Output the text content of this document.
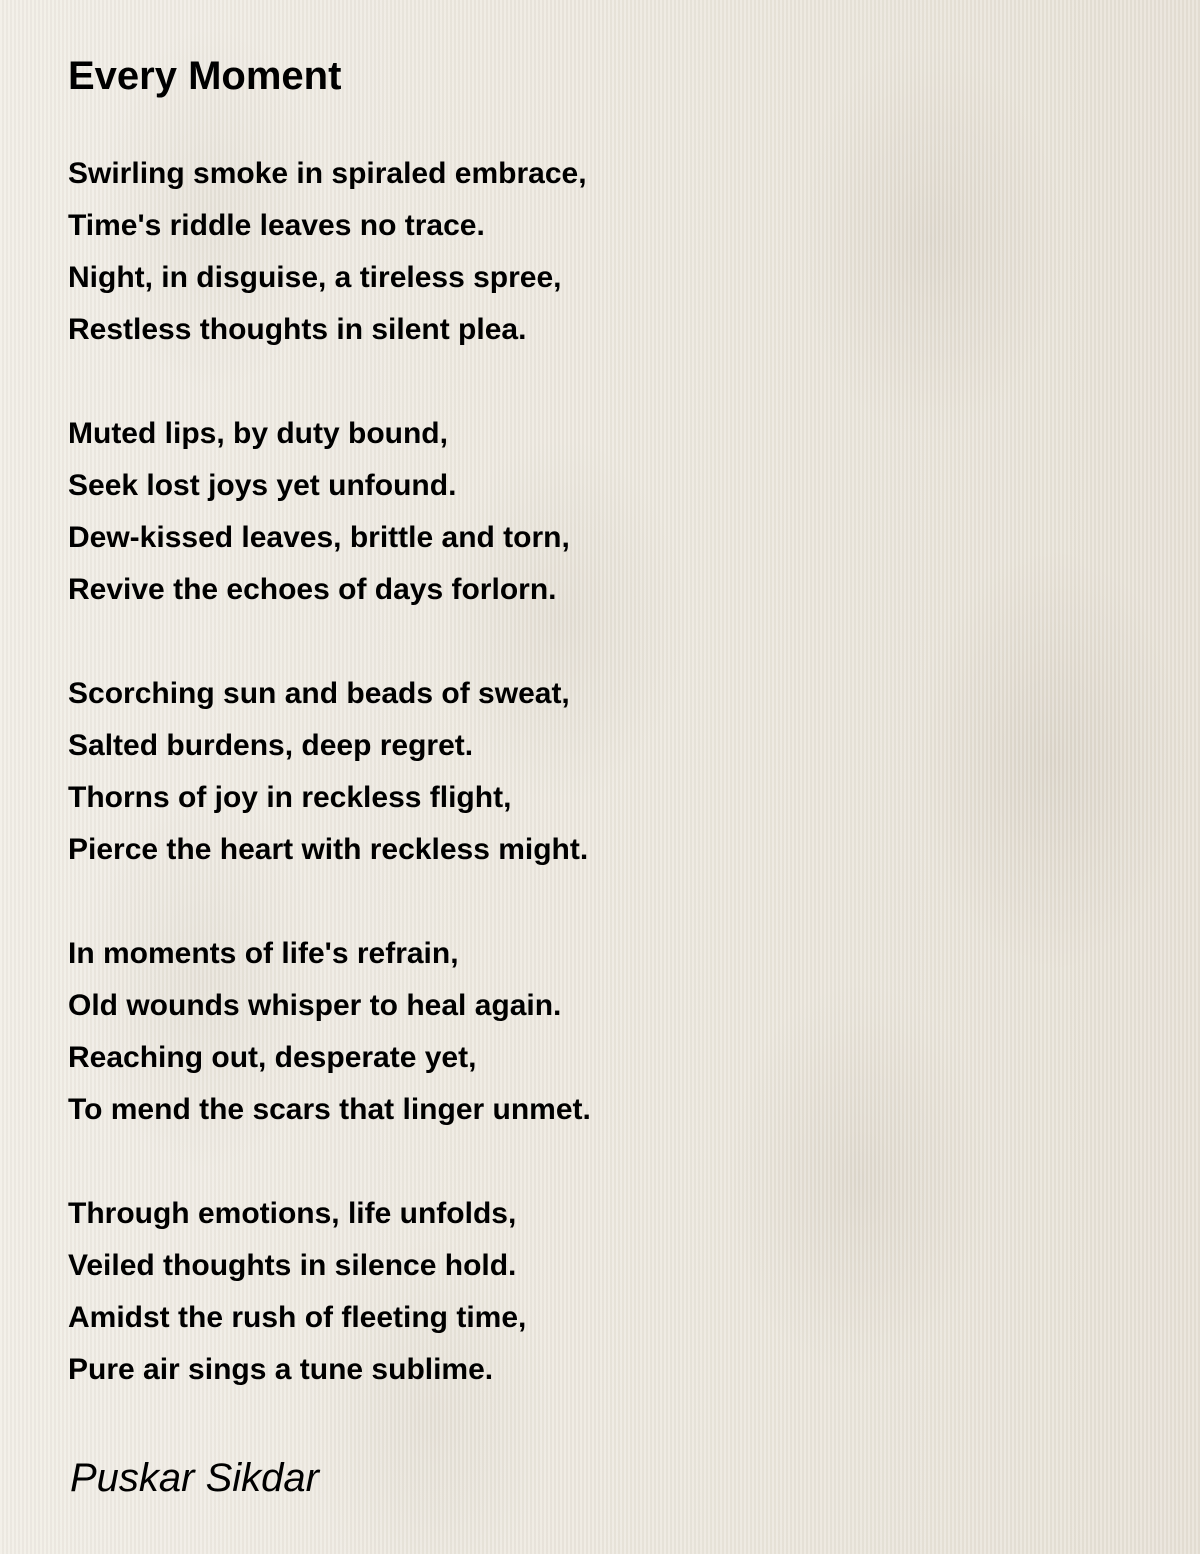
Every Moment
Swirling smoke in spiraled embrace,
Time's riddle leaves no trace.
Night, in disguise, a tireless spree,
Restless thoughts in silent plea.
Muted lips, by duty bound,
Seek lost joys yet unfound.
Dew-kissed leaves, brittle and torn,
Revive the echoes of days forlorn.
Scorching sun and beads of sweat,
Salted burdens, deep regret.
Thorns of joy in reckless flight,
Pierce the heart with reckless might.
In moments of life's refrain,
Old wounds whisper to heal again.
Reaching out, desperate yet,
To mend the scars that linger unmet.
Through emotions, life unfolds,
Veiled thoughts in silence hold.
Amidst the rush of fleeting time,
Pure air sings a tune sublime.

Puskar Sikdar
